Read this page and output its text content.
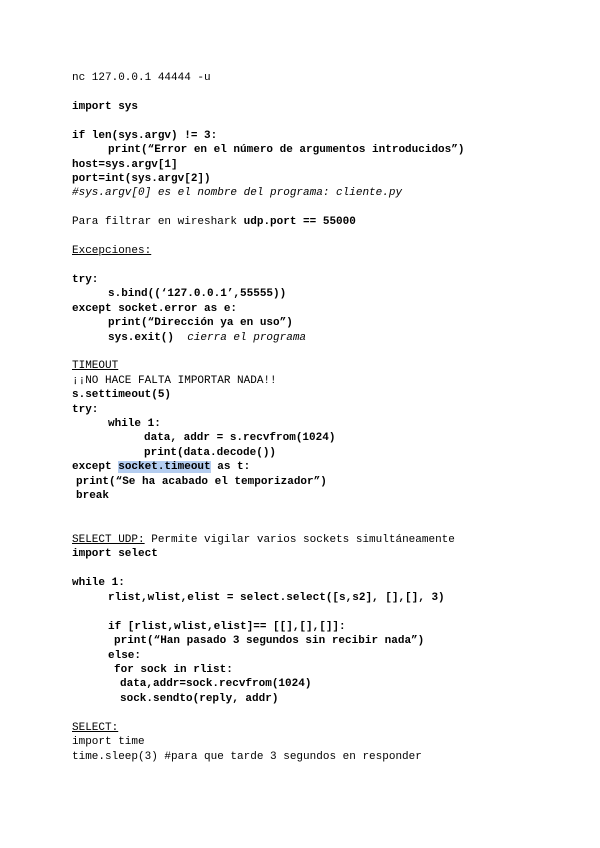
nc 127.0.0.1 44444 -u
import sys
if len(sys.argv) != 3:
print(“Error en el número de argumentos introducidos”)
host=sys.argv[1]
port=int(sys.argv[2])
#sys.argv[0] es el nombre del programa: cliente.py
Para filtrar en wireshark udp.port == 55000
Excepciones:
try:
s.bind((‘127.0.0.1’,55555))
except socket.error as e:
print(“Dirección ya en uso”)
sys.exit() cierra el programa
TIMEOUT
¡¡NO HACE FALTA IMPORTAR NADA!!
s.settimeout(5)
try:
while 1:
data, addr = s.recvfrom(1024)
print(data.decode())
except socket.timeout as t:
print(“Se ha acabado el temporizador”)
break
SELECT UDP: Permite vigilar varios sockets simultáneamente
import select
while 1:
rlist,wlist,elist = select.select([s,s2], [],[], 3)
if [rlist,wlist,elist]== [[],[],[]]:
print(“Han pasado 3 segundos sin recibir nada”)
else:
for sock in rlist:
data,addr=sock.recvfrom(1024)
sock.sendto(reply, addr)
SELECT:
import time
time.sleep(3) #para que tarde 3 segundos en responder
